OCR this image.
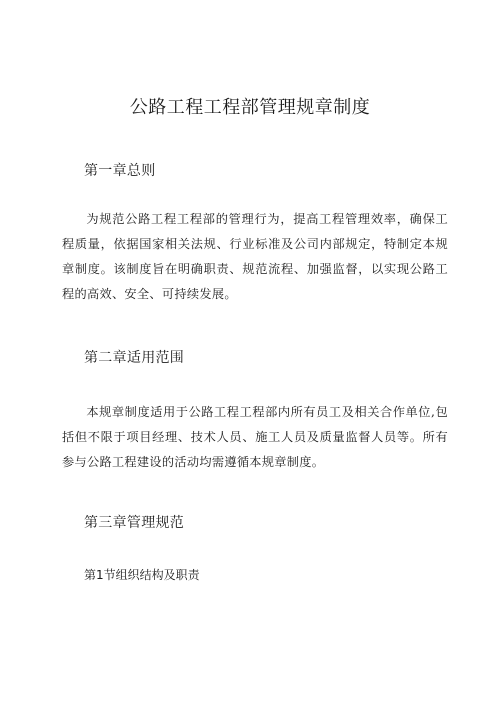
公路工程工程部管理规章制度
第一章总则

为规范公路工程工程部的管理行为，提高工程管理效率，确保工程质量，依据国家相关法规、行业标准及公司内部规定，特制定本规章制度。该制度旨在明确职责、规范流程、加强监督，以实现公路工程的高效、安全、可持续发展。

第二章适用范围

本规章制度适用于公路工程工程部内所有员工及相关合作单位,包括但不限于项目经理、技术人员、施工人员及质量监督人员等。所有参与公路工程建设的活动均需遵循本规章制度。

第三章管理规范
第1节组织结构及职责
